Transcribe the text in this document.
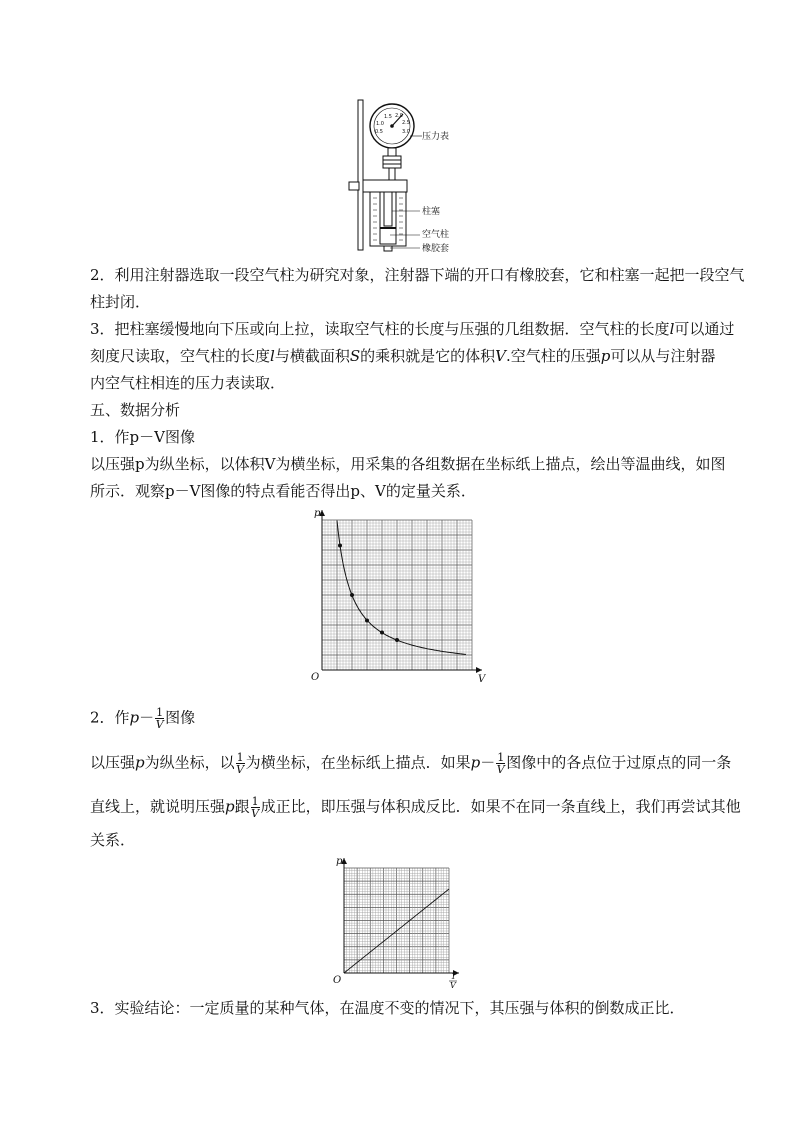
1.0
1.5 2.0
2.5
0.5	3.0 压力表
柱塞
空气柱
橡胶套
2．利用注射器选取一段空气柱为研究对象，注射器下端的开口有橡胶套，它和柱塞一起把一段空气
柱封闭．
3．把柱塞缓慢地向下压或向上拉，读取空气柱的长度与压强的几组数据．空气柱的长度l可以通过
刻度尺读取，空气柱的长度l与横截面积S的乘积就是它的体积V.空气柱的压强p可以从与注射器
内空气柱相连的压力表读取．
五、数据分析
1．作p－V图像
以压强p为纵坐标，以体积V为横坐标，用采集的各组数据在坐标纸上描点，绘出等温曲线，如图
所示．观察p－V图像的特点看能否得出p、V的定量关系．
O
p
V
2．作$p- \frac{1}{V}$ 图像
以压强p为纵坐标，以 $\frac{1}{V}$ 为横坐标，在坐标纸上描点．如果$p- \frac{1}{V}$ 图像中的各点位于过原点的同一条
直线上，就说明压强p跟 $\frac{1}{V}$ 成正比，即压强与体积成反比．如果不在同一条直线上，我们再尝试其他
关系．
O
p
1
V
3．实验结论：一定质量的某种气体，在温度不变的情况下，其压强与体积的倒数成正比．
